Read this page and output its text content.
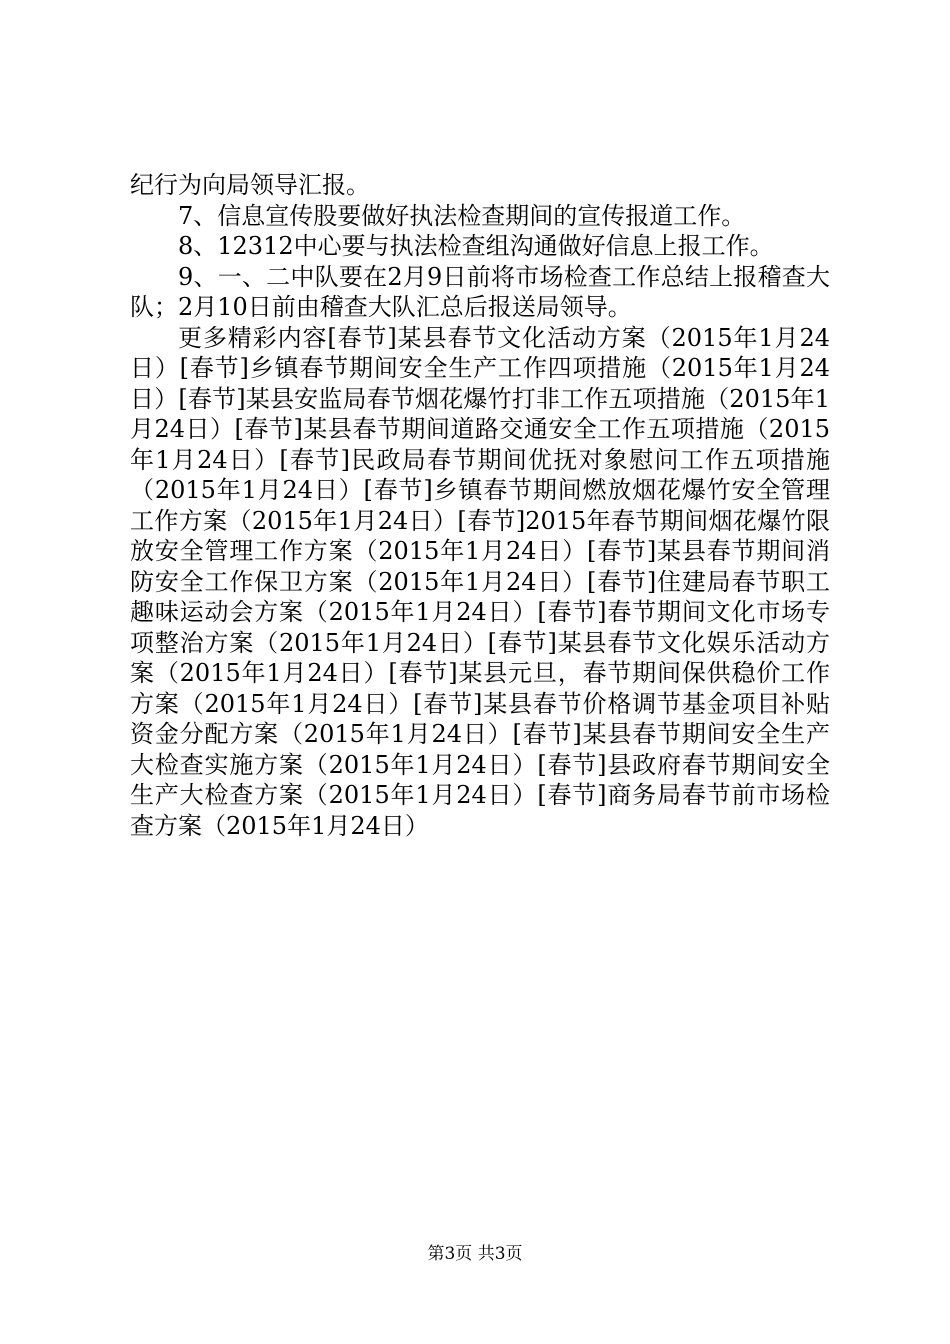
纪行为向局领导汇报。

7、信息宣传股要做好执法检查期间的宣传报道工作。

8、12312中心要与执法检查组沟通做好信息上报工作。

9、一、二中队要在2月9日前将市场检查工作总结上报稽查大队；2月10日前由稽查大队汇总后报送局领导。

更多精彩内容[春节]某县春节文化活动方案（2015年1月24日）[春节]乡镇春节期间安全生产工作四项措施（2015年1月24日）[春节]某县安监局春节烟花爆竹打非工作五项措施（2015年1月24日）[春节]某县春节期间道路交通安全工作五项措施（2015年1月24日）[春节]民政局春节期间优抚对象慰问工作五项措施（2015年1月24日）[春节]乡镇春节期间燃放烟花爆竹安全管理工作方案（2015年1月24日）[春节]2015年春节期间烟花爆竹限放安全管理工作方案（2015年1月24日）[春节]某县春节期间消防安全工作保卫方案（2015年1月24日）[春节]住建局春节职工趣味运动会方案（2015年1月24日）[春节]春节期间文化市场专项整治方案（2015年1月24日）[春节]某县春节文化娱乐活动方案（2015年1月24日）[春节]某县元旦，春节期间保供稳价工作方案（2015年1月24日）[春节]某县春节价格调节基金项目补贴资金分配方案（2015年1月24日）[春节]某县春节期间安全生产大检查实施方案（2015年1月24日）[春节]县政府春节期间安全生产大检查方案（2015年1月24日）[春节]商务局春节前市场检查方案（2015年1月24日）

第3页 共3页
